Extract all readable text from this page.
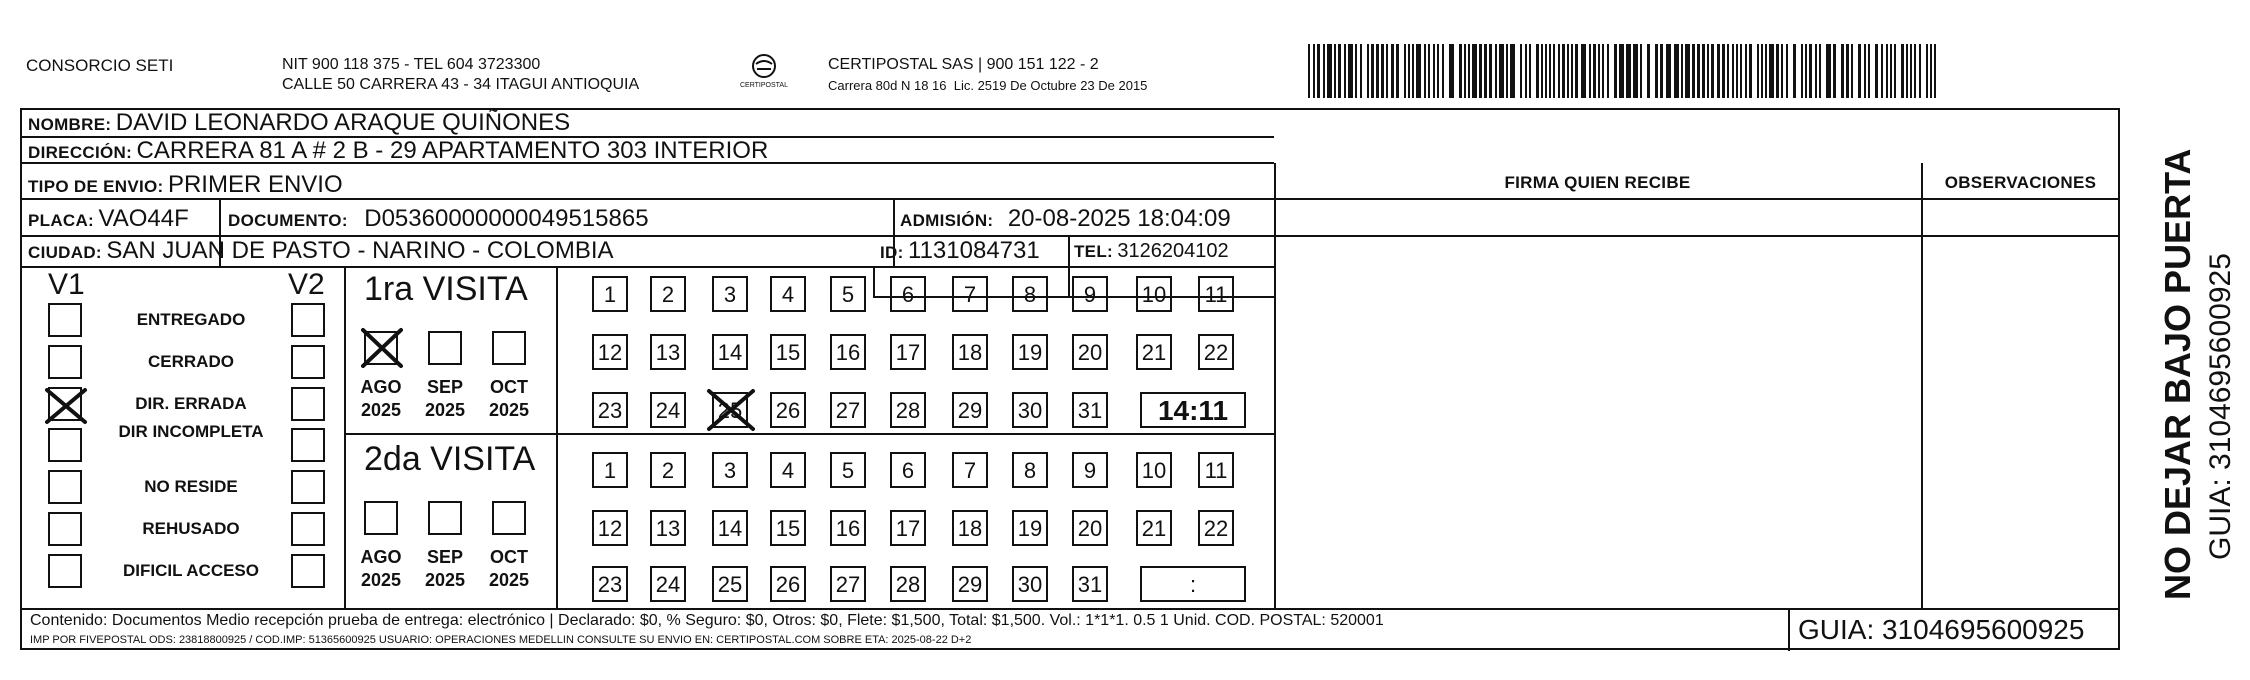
CONSORCIO SETI	NIT 900 118 375 - TEL 604 3723300
CALLE 50 CARRERA 43 - 34 ITAGUI ANTIOQUIA	CERTIPOSTAL
CERTIPOSTAL SAS | 900 151 122 - 2
Carrera 80d N 18 16  Lic. 2519 De Octubre 23 De 2015
NOMBRE: DAVID LEONARDO ARAQUE QUIÑONES
DIRECCIÓN: CARRERA 81 A # 2 B - 29 APARTAMENTO 303 INTERIOR
TIPO DE ENVIO: PRIMER ENVIO	FIRMA QUIEN RECIBE	OBSERVACIONES
PLACA: VAO44F DOCUMENTO: D05360000000049515865	ADMISIÓN: 20-08-2025 18:04:09
CIUDAD: SAN JUAN DE PASTO - NARINO - COLOMBIA	ID: 1131084731 TEL: 3126204102
V1	V2
ENTREGADO
CERRADO
DIR. ERRADA
DIR INCOMPLETA
NO RESIDE
REHUSADO
DIFICIL ACCESO
1ra VISITA
2da VISITA
AGO
2025
SEP
2025
OCT
2025
1	2	3	4	5	6	7	8	9	10 11
12 13 14 15 16 17 18 19 20 21 22
23 24 25 26 27 28 29 30 31	14:11
AGO
2025
SEP
2025
OCT
2025
1	2	3	4	5	6	7	8	9	10 11
12 13 14 15 16 17 18 19 20 21 22
23 24 25 26 27 28 29 30 31	:	NO DEJAR BAJO PUERTA GUIA: 3104695600925
Contenido: Documentos Medio recepción prueba de entrega: electrónico | Declarado: $0, % Seguro: $0, Otros: $0, Flete: $1,500, Total: $1,500. Vol.: 1*1*1. 0.5 1 Unid. COD. POSTAL: 520001
IMP POR FIVEPOSTAL ODS: 23818800925 / COD.IMP: 51365600925 USUARIO: OPERACIONES MEDELLIN CONSULTE SU ENVIO EN: CERTIPOSTAL.COM SOBRE ETA: 2025-08-22 D+2	GUIA: 3104695600925
